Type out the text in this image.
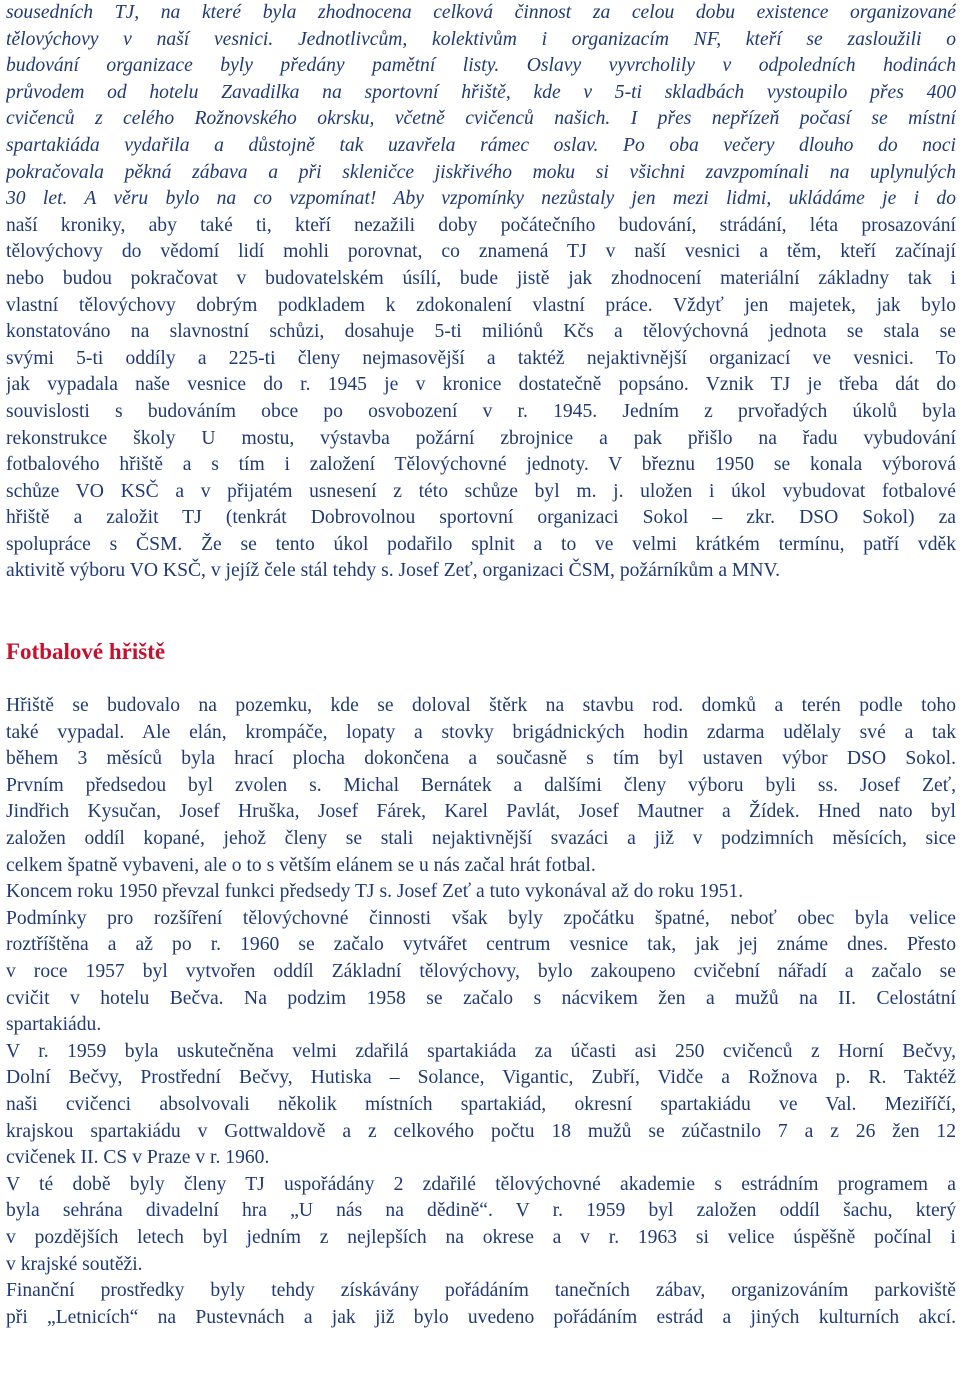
sousedních TJ, na které byla zhodnocena celková činnost za celou dobu existence organizované

tělovýchovy v naší vesnici. Jednotlivcům, kolektivům i organizacím NF, kteří se zasloužili o

budování organizace byly předány pamětní listy. Oslavy vyvrcholily v odpoledních hodinách

průvodem od hotelu Zavadilka na sportovní hřiště, kde v 5-ti skladbách vystoupilo přes 400

cvičenců z celého Rožnovského okrsku, včetně cvičenců našich. I přes nepřízeň počasí se místní

spartakiáda vydařila a důstojně tak uzavřela rámec oslav. Po oba večery dlouho do noci

pokračovala pěkná zábava a při skleničce jiskřivého moku si všichni zavzpomínali na uplynulých

30 let. A věru bylo na co vzpomínat! Aby vzpomínky nezůstaly jen mezi lidmi, ukládáme je i do

naší kroniky, aby také ti, kteří nezažili doby počátečního budování, strádání, léta prosazování

tělovýchovy do vědomí lidí mohli porovnat, co znamená TJ v naší vesnici a těm, kteří začínají

nebo budou pokračovat v budovatelském úsílí, bude jistě jak zhodnocení materiální základny tak i

vlastní tělovýchovy dobrým podkladem k zdokonalení vlastní práce. Vždyť jen majetek, jak bylo

konstatováno na slavnostní schůzi, dosahuje 5-ti miliónů Kčs a tělovýchovná jednota se stala se

svými 5-ti oddíly a 225-ti členy nejmasovější a taktéž nejaktivnější organizací ve vesnici. To

jak vypadala naše vesnice do r. 1945 je v kronice dostatečně popsáno. Vznik TJ je třeba dát do

souvislosti s budováním obce po osvobození v r. 1945. Jedním z prvořadých úkolů byla

rekonstrukce školy U mostu, výstavba požární zbrojnice a pak přišlo na řadu vybudování

fotbalového hřiště a s tím i založení Tělovýchovné jednoty. V březnu 1950 se konala výborová

schůze VO KSČ a v přijatém usnesení z této schůze byl m. j. uložen i úkol vybudovat fotbalové

hřiště a založit TJ (tenkrát Dobrovolnou sportovní organizaci Sokol – zkr. DSO Sokol) za

spolupráce s ČSM. Že se tento úkol podařilo splnit a to ve velmi krátkém termínu, patří vděk

aktivitě výboru VO KSČ, v jejíž čele stál tehdy s. Josef Zeť, organizaci ČSM, požárníkům a MNV.

Fotbalové hřiště

Hřiště se budovalo na pozemku, kde se doloval štěrk na stavbu rod. domků a terén podle toho

také vypadal. Ale elán, krompáče, lopaty a stovky brigádnických hodin zdarma udělaly své a tak

během 3 měsíců byla hrací plocha dokončena a současně s tím byl ustaven výbor DSO Sokol.

Prvním předsedou byl zvolen s. Michal Bernátek a dalšími členy výboru byli ss. Josef Zeť,

Jindřich Kysučan, Josef Hruška, Josef Fárek, Karel Pavlát, Josef Mautner a Žídek. Hned nato byl

založen oddíl kopané, jehož členy se stali nejaktivnější svazáci a již v podzimních měsících, sice

celkem špatně vybaveni, ale o to s větším elánem se u nás začal hrát fotbal.

Koncem roku 1950 převzal funkci předsedy TJ s. Josef Zeť a tuto vykonával až do roku 1951.

Podmínky pro rozšíření tělovýchovné činnosti však byly zpočátku špatné, neboť obec byla velice

roztříštěna a až po r. 1960 se začalo vytvářet centrum vesnice tak, jak jej známe dnes. Přesto

v roce 1957 byl vytvořen oddíl Základní tělovýchovy, bylo zakoupeno cvičební nářadí a začalo se

cvičit v hotelu Bečva. Na podzim 1958 se začalo s nácvikem žen a mužů na II. Celostátní

spartakiádu.

V r. 1959 byla uskutečněna velmi zdařilá spartakiáda za účasti asi 250 cvičenců z Horní Bečvy,

Dolní Bečvy, Prostřední Bečvy, Hutiska – Solance, Vigantic, Zubří, Vidče a Rožnova p. R. Taktéž

naši cvičenci absolvovali několik místních spartakiád, okresní spartakiádu ve Val. Meziříčí,

krajskou spartakiádu v Gottwaldově a z celkového počtu 18 mužů se zúčastnilo 7 a z 26 žen 12

cvičenek II. CS v Praze v r. 1960.

V té době byly členy TJ uspořádány 2 zdařilé tělovýchovné akademie s estrádním programem a

byla sehrána divadelní hra „U nás na dědině“. V r. 1959 byl založen oddíl šachu, který

v pozdějších letech byl jedním z nejlepších na okrese a v r. 1963 si velice úspěšně počínal i

v krajské soutěži.

Finanční prostředky byly tehdy získávány pořádáním tanečních zábav, organizováním parkoviště

při „Letnicích“ na Pustevnách a jak již bylo uvedeno pořádáním estrád a jiných kulturních akcí.
